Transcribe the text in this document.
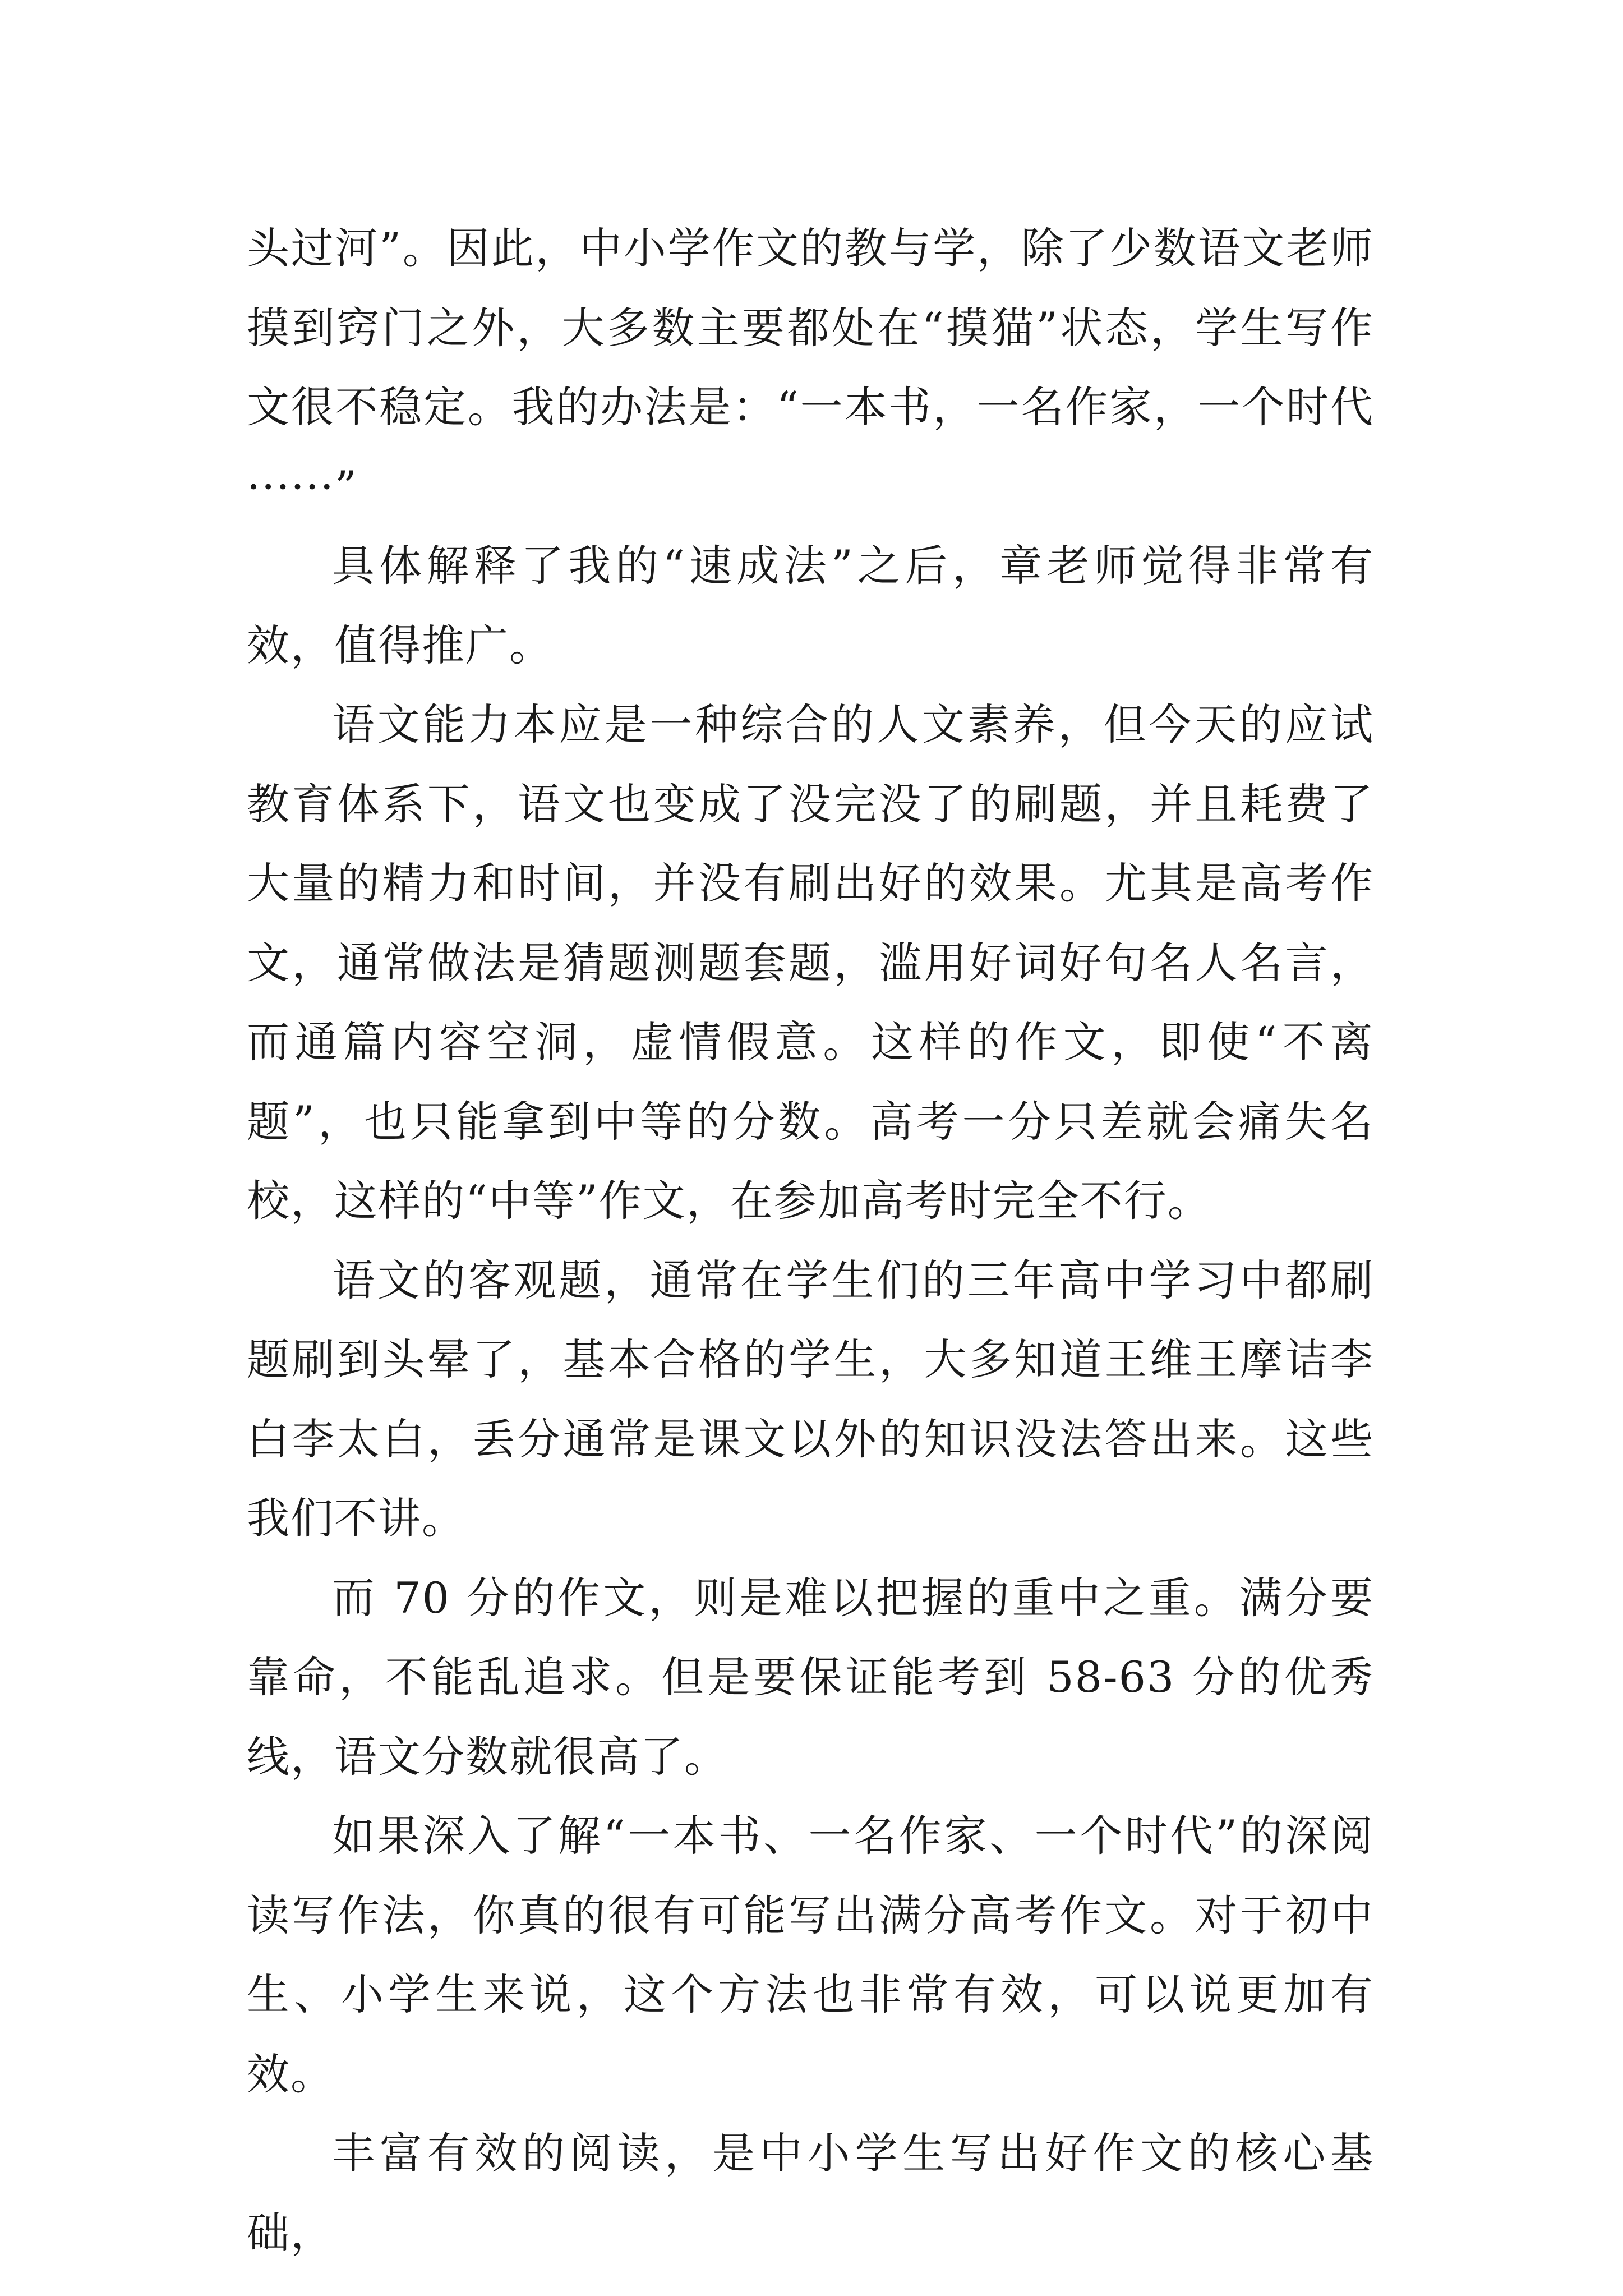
头过河”。因此，中小学作文的教与学，除了少数语文老师摸到窍门之外，大多数主要都处在“摸猫”状态，学生写作文很不稳定。我的办法是：“一本书，一名作家，一个时代······”

具体解释了我的“速成法”之后，章老师觉得非常有效，值得推广。

语文能力本应是一种综合的人文素养，但今天的应试教育体系下，语文也变成了没完没了的刷题，并且耗费了大量的精力和时间，并没有刷出好的效果。尤其是高考作文，通常做法是猜题测题套题，滥用好词好句名人名言，而通篇内容空洞，虚情假意。这样的作文，即使“不离题”，也只能拿到中等的分数。高考一分只差就会痛失名校，这样的“中等”作文，在参加高考时完全不行。

语文的客观题，通常在学生们的三年高中学习中都刷题刷到头晕了，基本合格的学生，大多知道王维王摩诘李白李太白，丢分通常是课文以外的知识没法答出来。这些我们不讲。

而 70 分的作文，则是难以把握的重中之重。满分要靠命，不能乱追求。但是要保证能考到 58-63 分的优秀线，语文分数就很高了。

如果深入了解“一本书、一名作家、一个时代”的深阅读写作法，你真的很有可能写出满分高考作文。对于初中生、小学生来说，这个方法也非常有效，可以说更加有效。

丰富有效的阅读，是中小学生写出好作文的核心基础，
